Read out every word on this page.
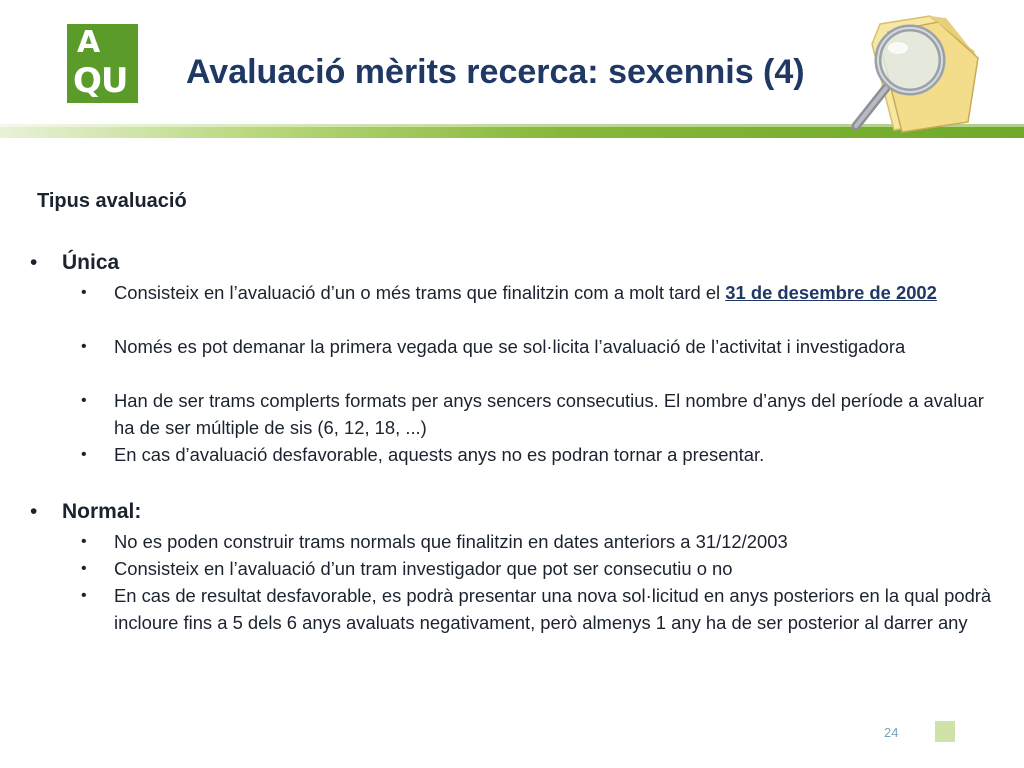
A
QU Avaluació mèrits recerca: sexennis (4)
Tipus avaluació
• Única
• Consisteix en l’avaluació d’un o més trams que finalitzin com a molt tard el 31 de desembre de 2002
• Només es pot demanar la primera vegada que se sol·licita l’avaluació de l’activitat i investigadora
• Han de ser trams complerts formats per anys sencers consecutius. El nombre d’anys del període a avaluar ha de ser múltiple de sis (6, 12, 18, ...)
• En cas d’avaluació desfavorable, aquests anys no es podran tornar a presentar.
• Normal:
• No es poden construir trams normals que finalitzin en dates anteriors a 31/12/2003
• Consisteix en l’avaluació d’un tram investigador que pot ser consecutiu o no
• En cas de resultat desfavorable, es podrà presentar una nova sol·licitud en anys posteriors en la qual podrà incloure fins a 5 dels 6 anys avaluats negativament, però almenys 1 any ha de ser posterior al darrer any
24
